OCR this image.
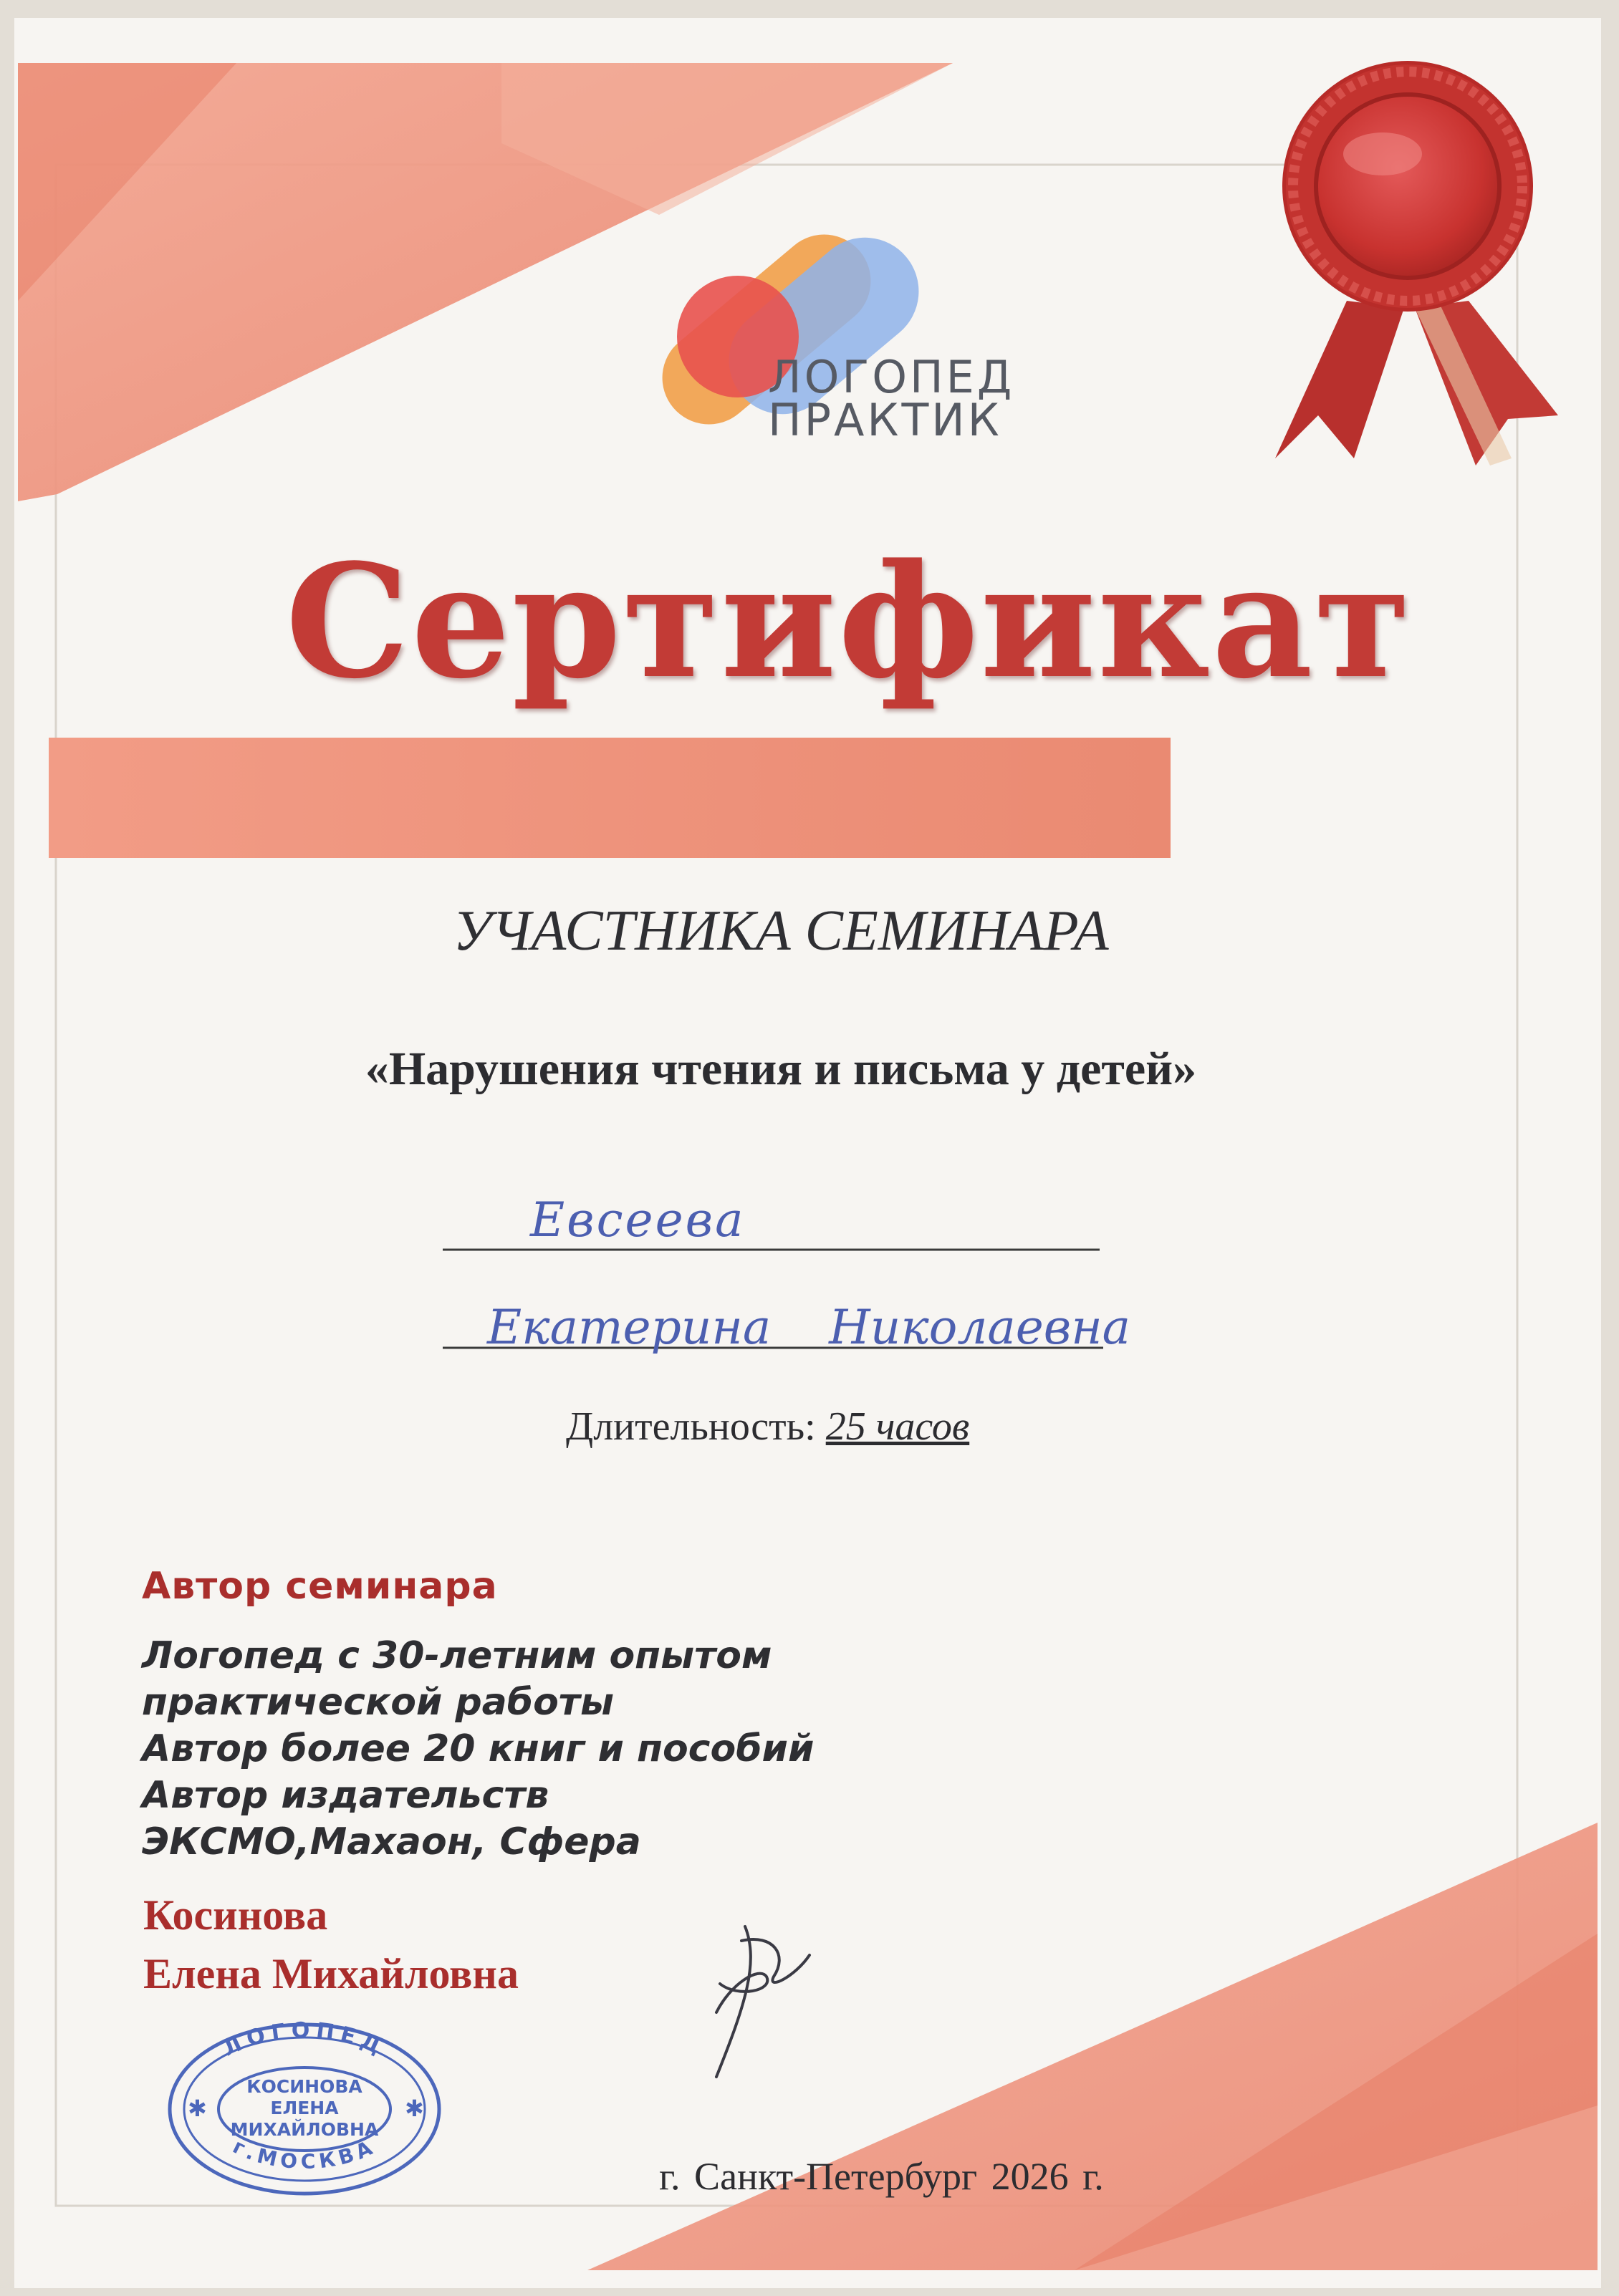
ЛОГОПЕД
г.МОСКВА
КОСИНОВА
ЕЛЕНА
МИХАЙЛОВНА
✱	✱
ЛОГОПЕД
ПРАКТИК
Сертификат
УЧАСТНИКА СЕМИНАРА
«Нарушения чтения и письма у детей»
Евсеева
Екатерина Николаевна
Длительность: 25 часов
Автор семинара
Логопед с 30-летним опытом
практической работы
Автор более 20 книг и пособий
Автор издательств
ЭКСМО,Махаон, Сфера
Косинова
Елена Михайловна
г. Санкт-Петербург 2026 г.
